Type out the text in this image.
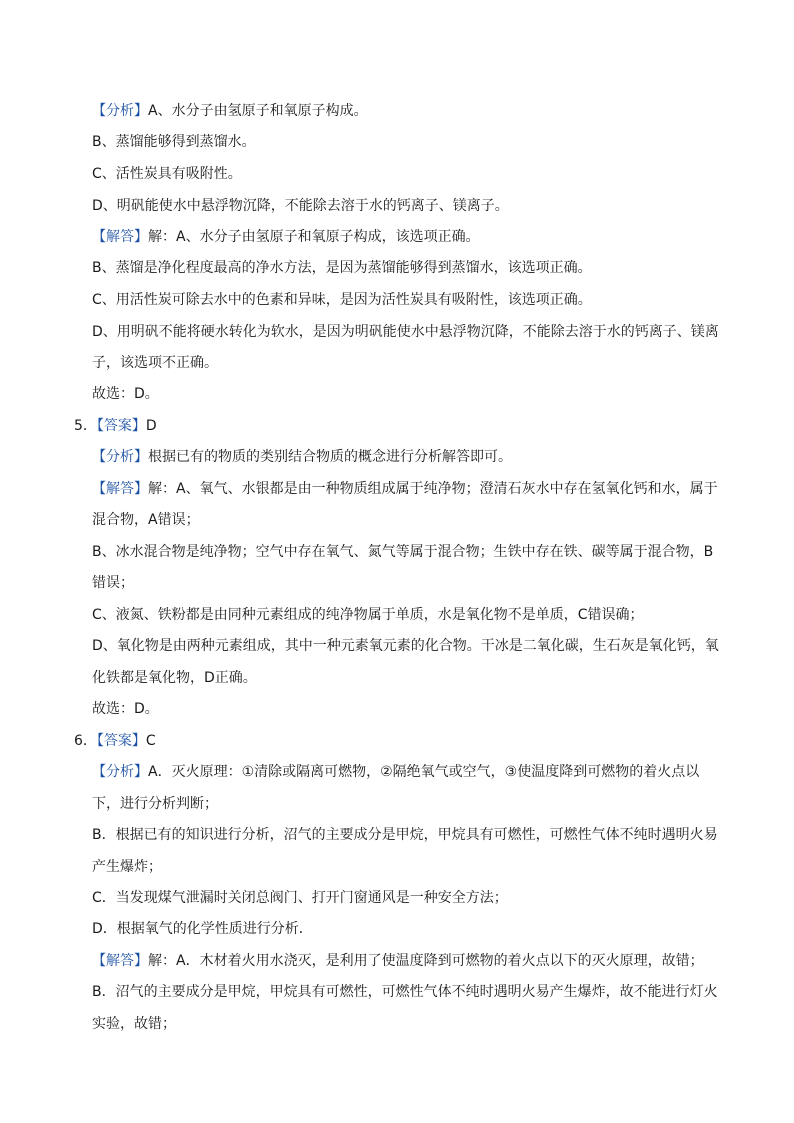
【分析】A、水分子由氢原子和氧原子构成。
B、蒸馏能够得到蒸馏水。
C、活性炭具有吸附性。
D、明矾能使水中悬浮物沉降，不能除去溶于水的钙离子、镁离子。
【解答】解：A、水分子由氢原子和氧原子构成，该选项正确。
B、蒸馏是净化程度最高的净水方法，是因为蒸馏能够得到蒸馏水，该选项正确。
C、用活性炭可除去水中的色素和异味，是因为活性炭具有吸附性，该选项正确。
D、用明矾不能将硬水转化为软水，是因为明矾能使水中悬浮物沉降，不能除去溶于水的钙离子、镁离
子，该选项不正确。
故选：D。
5．【答案】D
【分析】根据已有的物质的类别结合物质的概念进行分析解答即可。
【解答】解：A、氧气、水银都是由一种物质组成属于纯净物；澄清石灰水中存在氢氧化钙和水，属于
混合物，A错误；
B、冰水混合物是纯净物；空气中存在氧气、氮气等属于混合物；生铁中存在铁、碳等属于混合物，B
错误；
C、液氮、铁粉都是由同种元素组成的纯净物属于单质，水是氧化物不是单质，C错误确；
D、氧化物是由两种元素组成，其中一种元素氧元素的化合物。干冰是二氧化碳，生石灰是氧化钙，氧
化铁都是氧化物，D正确。
故选：D。
6．【答案】C
【分析】A．灭火原理：①清除或隔离可燃物，②隔绝氧气或空气，③使温度降到可燃物的着火点以
下，进行分析判断；
B．根据已有的知识进行分析，沼气的主要成分是甲烷，甲烷具有可燃性，可燃性气体不纯时遇明火易
产生爆炸；
C．当发现煤气泄漏时关闭总阀门、打开门窗通风是一种安全方法；
D．根据氧气的化学性质进行分析．
【解答】解：A．木材着火用水浇灭，是利用了使温度降到可燃物的着火点以下的灭火原理，故错；
B．沼气的主要成分是甲烷，甲烷具有可燃性，可燃性气体不纯时遇明火易产生爆炸，故不能进行灯火
实验，故错；
